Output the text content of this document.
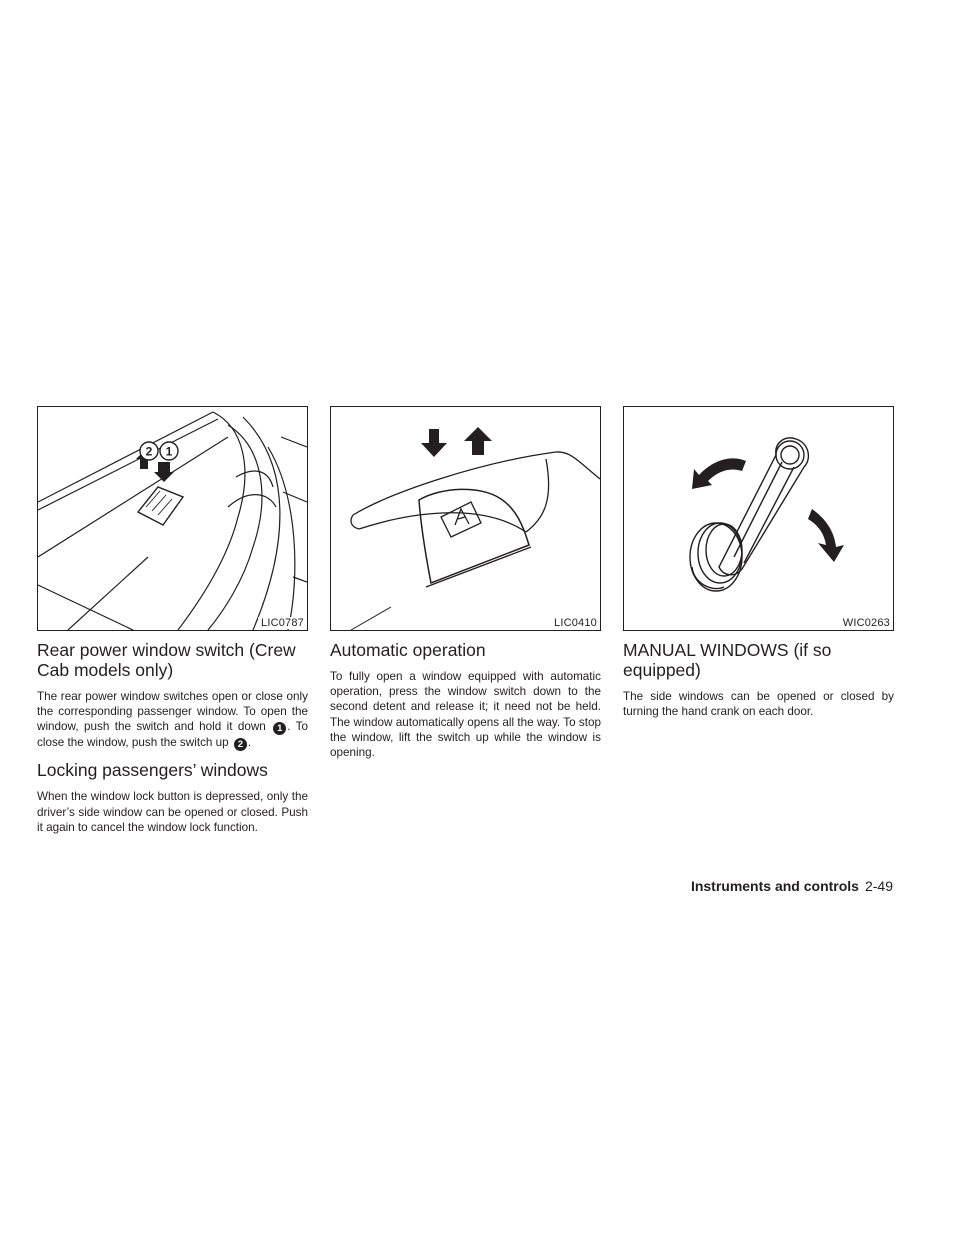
2 1
LIC0787
Rear power window switch (Crew Cab models only)

The rear power window switches open or close only the corresponding passenger window. To open the window, push the switch and hold it down 1 . To close the window, push the switch up 2 .

Locking passengers’ windows

When the window lock button is depressed, only the driver’s side window can be opened or closed. Push it again to cancel the window lock function.

LIC0410
Automatic operation

To fully open a window equipped with automatic operation, press the window switch down to the second detent and release it; it need not be held. The window automatically opens all the way. To stop the window, lift the switch up while the window is opening.

WIC0263
MANUAL WINDOWS (if so equipped)

The side windows can be opened or closed by turning the hand crank on each door.

Instruments and controls 2-49
